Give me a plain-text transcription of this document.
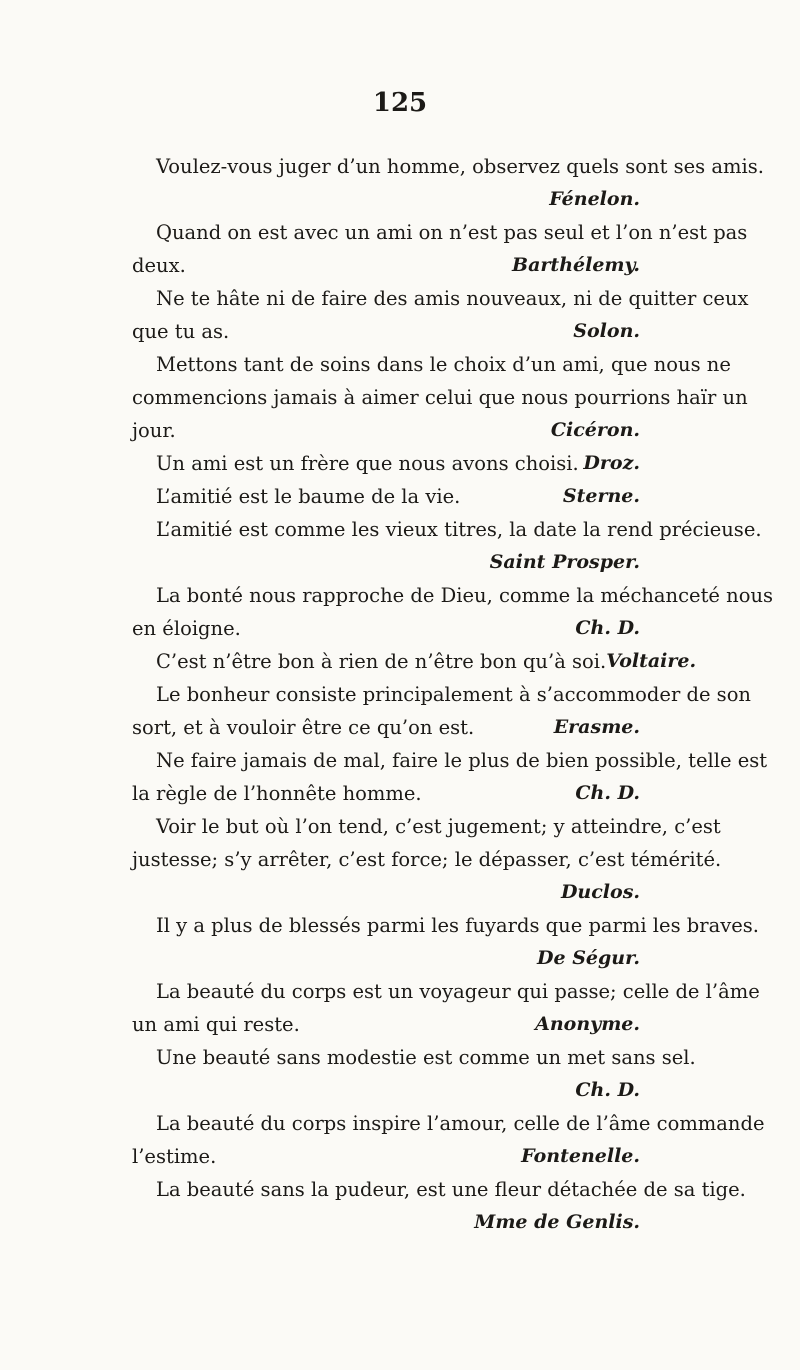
125
Voulez-vous juger d’un homme, observez quels sont ses amis.
Fénelon.
Quand on est avec un ami on n’est pas seul et l’on n’est pas
deux.	Barthélemy.
Ne te hâte ni de faire des amis nouveaux, ni de quitter ceux
que tu as.	Solon.
Mettons tant de soins dans le choix d’un ami, que nous ne
commencions jamais à aimer celui que nous pourrions haïr un
jour.	Cicéron.
Un ami est un frère que nous avons choisi. Droz.
L’amitié est le baume de la vie.	Sterne.
L’amitié est comme les vieux titres, la date la rend précieuse.
Saint Prosper.
La bonté nous rapproche de Dieu, comme la méchanceté nous
en éloigne.	Ch. D.
C’est n’être bon à rien de n’être bon qu’à soi. Voltaire.
Le bonheur consiste principalement à s’accommoder de son
sort, et à vouloir être ce qu’on est.	Erasme.
Ne faire jamais de mal, faire le plus de bien possible, telle est
la règle de l’honnête homme.	Ch. D.
Voir le but où l’on tend, c’est jugement; y atteindre, c’est
justesse; s’y arrêter, c’est force; le dépasser, c’est témérité.
Duclos.
Il y a plus de blessés parmi les fuyards que parmi les braves.
De Ségur.
La beauté du corps est un voyageur qui passe; celle de l’âme
un ami qui reste.	Anonyme.
Une beauté sans modestie est comme un met sans sel.
Ch. D.
La beauté du corps inspire l’amour, celle de l’âme commande
l’estime.	Fontenelle.
La beauté sans la pudeur, est une fleur détachée de sa tige.
Mme de Genlis.
